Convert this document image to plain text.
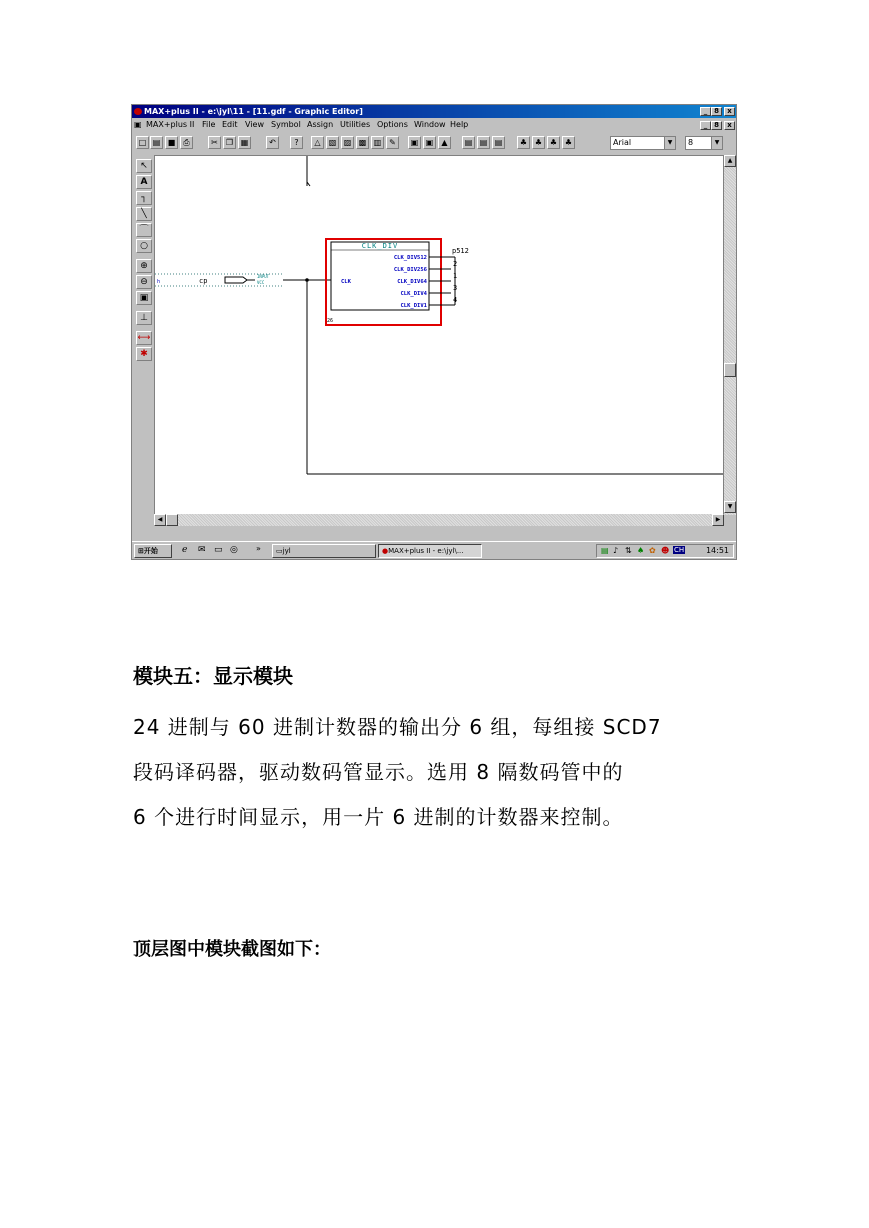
MAX+plus II - e:\jyl\11 - [11.gdf - Graphic Editor]	_ 8	x
▣ MAX+plus II File Edit View Symbol Assign Utilities Options Window Help	_ 8	x
□ ▤ ■	⎙	✂	❐ ▦	↶	?	△	▧ ▨ ▩ ▥ ✎	▣ ▣	▲	▤ ▤ ▤	♣ ♣ ♣ ♣	Arial	▼	8	▼
↖
A
┐
╲
⌒
○
⊕
⊖
▣
⊥
⟷
✱
h	cp
INPUT
VCC
CLK_DIV
CLK
CLK_DIV512
CLK_DIV256
CLK_DIV64
CLK_DIV4
CLK_DIV1
p512
2
1
3
4
26
▲
▼
◀	▶
⊞开始	ℯ ✉ ▭ ◎ »	▭jyl	●MAX+plus II - e:\jyl\...	▤ ♪ ⇅ ♠ ✿ ☻ CH	14:51
模块五：显示模块

24 进制与 60 进制计数器的输出分 6 组，每组接 SCD7
段码译码器，驱动数码管显示。选用 8 隔数码管中的
6 个进行时间显示，用一片 6 进制的计数器来控制。

顶层图中模块截图如下：
